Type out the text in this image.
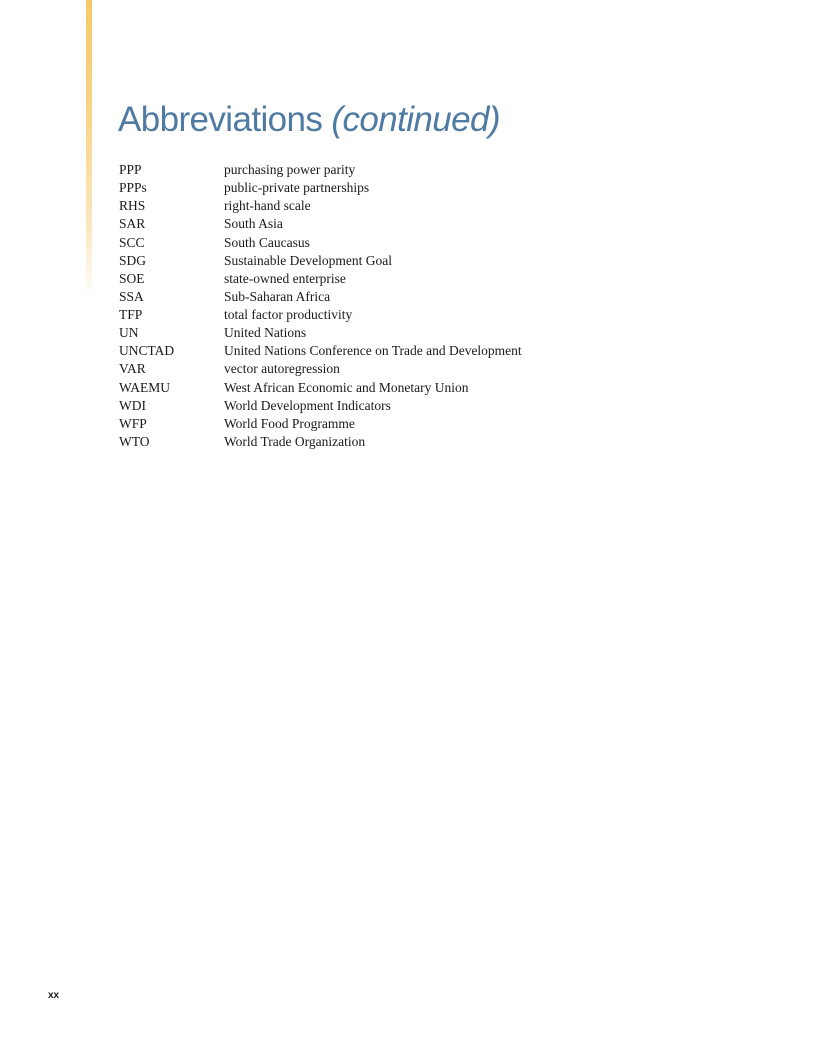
Abbreviations (continued)
PPP	purchasing power parity
PPPs	public-private partnerships
RHS	right-hand scale
SAR	South Asia
SCC	South Caucasus
SDG	Sustainable Development Goal
SOE	state-owned enterprise
SSA	Sub-Saharan Africa
TFP	total factor productivity
UN	United Nations
UNCTAD	United Nations Conference on Trade and Development
VAR	vector autoregression
WAEMU	West African Economic and Monetary Union
WDI	World Development Indicators
WFP	World Food Programme
WTO	World Trade Organization
xx
